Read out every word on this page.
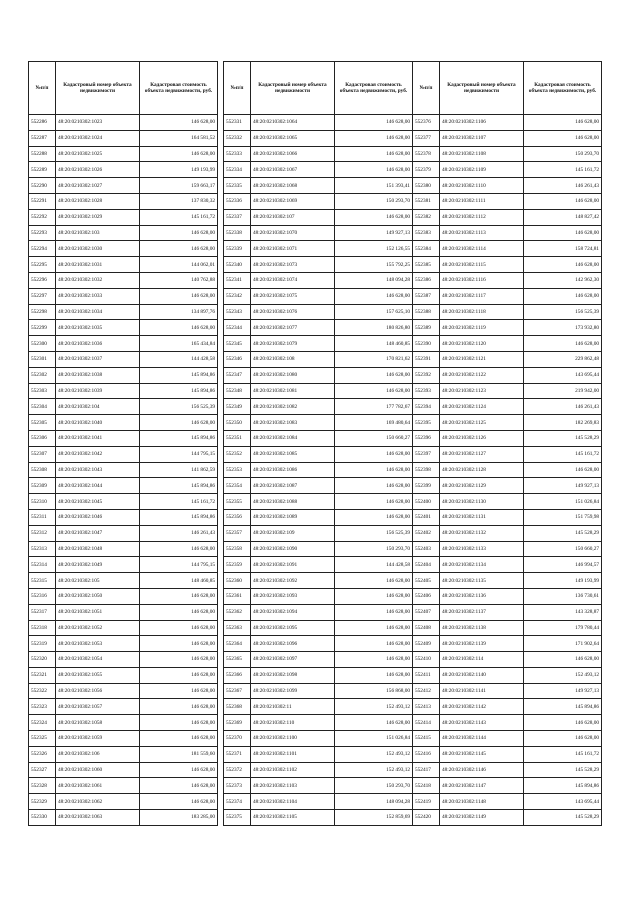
№п/п	Кадастровый номер объекта недвижимости	Кадастровая стоимость объекта недвижимости, руб.
552286	48:20:0210302:1023	146 628,00
552287	48:20:0210302:1024	164 581,52
552288	48:20:0210302:1025	146 628,00
552289	48:20:0210302:1026	149 193,99
552290	48:20:0210302:1027	159 663,17
552291	48:20:0210302:1028	137 830,32
552292	48:20:0210302:1029	145 161,72
552293	48:20:0210302:103	146 628,00
552294	48:20:0210302:1030	146 628,00
552295	48:20:0210302:1031	144 062,01
552296	48:20:0210302:1032	140 762,88
552297	48:20:0210302:1033	146 628,00
552298	48:20:0210302:1034	134 897,76
552299	48:20:0210302:1035	146 628,00
552300	48:20:0210302:1036	165 434,84
552301	48:20:0210302:1037	144 428,58
552302	48:20:0210302:1038	145 894,86
552303	48:20:0210302:1039	145 894,86
552304	48:20:0210302:104	156 525,39
552305	48:20:0210302:1040	146 628,00
552306	48:20:0210302:1041	145 894,86
552307	48:20:0210302:1042	144 795,15
552308	48:20:0210302:1043	141 862,59
552309	48:20:0210302:1044	145 894,86
552310	48:20:0210302:1045	145 161,72
552311	48:20:0210302:1046	145 894,86
552312	48:20:0210302:1047	146 261,43
552313	48:20:0210302:1048	146 628,00
552314	48:20:0210302:1049	144 795,15
552315	48:20:0210302:105	148 460,85
552316	48:20:0210302:1050	146 628,00
552317	48:20:0210302:1051	146 628,00
552318	48:20:0210302:1052	146 628,00
552319	48:20:0210302:1053	146 628,00
552320	48:20:0210302:1054	146 628,00
552321	48:20:0210302:1055	146 628,00
552322	48:20:0210302:1056	146 628,00
552323	48:20:0210302:1057	146 628,00
552324	48:20:0210302:1058	146 628,00
552325	48:20:0210302:1059	146 628,00
552326	48:20:0210302:106	181 559,60
552327	48:20:0210302:1060	146 628,00
552328	48:20:0210302:1061	146 628,00
552329	48:20:0210302:1062	146 628,00
552330	48:20:0210302:1063	183 285,00
№п/п	Кадастровый номер объекта недвижимости	Кадастровая стоимость объекта недвижимости, руб.
552331	48:20:0210302:1064	146 628,00
552332	48:20:0210302:1065	146 628,00
552333	48:20:0210302:1066	146 628,00
552334	48:20:0210302:1067	146 628,00
552335	48:20:0210302:1068	151 393,41
552336	48:20:0210302:1069	150 293,70
552337	48:20:0210302:107	146 628,00
552338	48:20:0210302:1070	149 927,13
552339	48:20:0210302:1071	152 126,55
552340	48:20:0210302:1073	155 792,25
552341	48:20:0210302:1074	148 094,28
552342	48:20:0210302:1075	146 628,00
552343	48:20:0210302:1076	157 625,10
552344	48:20:0210302:1077	180 826,80
552345	48:20:0210302:1079	148 460,85
552346	48:20:0210302:108	170 821,62
552347	48:20:0210302:1080	146 628,00
552348	48:20:0210302:1081	146 628,00
552349	48:20:0210302:1082	177 782,67
552350	48:20:0210302:1083	169 480,64
552351	48:20:0210302:1084	150 660,27
552352	48:20:0210302:1085	146 628,00
552353	48:20:0210302:1086	146 628,00
552354	48:20:0210302:1087	146 628,00
552355	48:20:0210302:1088	146 628,00
552356	48:20:0210302:1089	146 628,00
552357	48:20:0210302:109	156 525,39
552358	48:20:0210302:1090	150 293,70
552359	48:20:0210302:1091	144 428,58
552360	48:20:0210302:1092	146 628,00
552361	48:20:0210302:1093	146 628,00
552362	48:20:0210302:1094	146 628,00
552363	48:20:0210302:1095	146 628,00
552364	48:20:0210302:1096	146 628,00
552365	48:20:0210302:1097	146 628,00
552366	48:20:0210302:1098	146 628,00
552367	48:20:0210302:1099	156 868,00
552368	48:20:0210302:11	152 493,12
552369	48:20:0210302:110	146 628,00
552370	48:20:0210302:1100	151 026,84
552371	48:20:0210302:1101	152 493,12
552372	48:20:0210302:1102	152 493,12
552373	48:20:0210302:1103	150 293,70
552374	48:20:0210302:1104	148 094,28
552375	48:20:0210302:1105	152 859,69
№п/п	Кадастровый номер объекта недвижимости	Кадастровая стоимость объекта недвижимости, руб.
552376	48:20:0210302:1106	146 628,00
552377	48:20:0210302:1107	146 628,00
552378	48:20:0210302:1108	150 293,70
552379	48:20:0210302:1109	145 161,72
552380	48:20:0210302:1110	146 261,43
552381	48:20:0210302:1111	146 628,00
552382	48:20:0210302:1112	148 827,42
552383	48:20:0210302:1113	146 628,00
552384	48:20:0210302:1114	158 724,81
552385	48:20:0210302:1115	146 628,00
552386	48:20:0210302:1116	142 962,30
552387	48:20:0210302:1117	146 628,00
552388	48:20:0210302:1118	156 525,39
552389	48:20:0210302:1119	173 932,80
552390	48:20:0210302:1120	146 628,00
552391	48:20:0210302:1121	229 862,48
552392	48:20:0210302:1122	143 695,44
552393	48:20:0210302:1123	219 942,00
552394	48:20:0210302:1124	146 261,43
552395	48:20:0210302:1125	182 269,83
552396	48:20:0210302:1126	145 528,29
552397	48:20:0210302:1127	145 161,72
552398	48:20:0210302:1128	146 628,00
552399	48:20:0210302:1129	149 927,13
552400	48:20:0210302:1130	151 026,84
552401	48:20:0210302:1131	151 759,98
552402	48:20:0210302:1132	145 528,29
552403	48:20:0210302:1133	150 660,27
552404	48:20:0210302:1134	146 994,57
552405	48:20:0210302:1135	149 193,99
552406	48:20:0210302:1136	136 730,61
552407	48:20:0210302:1137	143 328,87
552408	48:20:0210302:1138	179 780,44
552409	48:20:0210302:1139	171 902,64
552410	48:20:0210302:114	146 628,00
552411	48:20:0210302:1140	152 493,12
552412	48:20:0210302:1141	149 927,13
552413	48:20:0210302:1142	145 894,86
552414	48:20:0210302:1143	146 628,00
552415	48:20:0210302:1144	146 628,00
552416	48:20:0210302:1145	145 161,72
552417	48:20:0210302:1146	145 528,29
552418	48:20:0210302:1147	145 894,86
552419	48:20:0210302:1148	143 695,44
552420	48:20:0210302:1149	145 528,29
